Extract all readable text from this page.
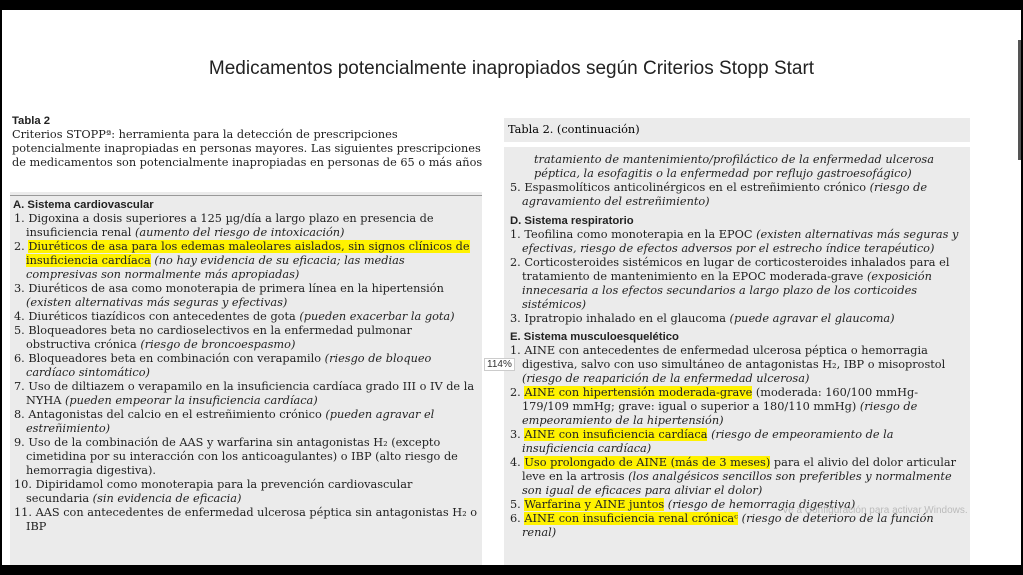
Medicamentos potencialmente inapropiados según Criterios Stopp Start
Tabla 2
Criterios STOPPª: herramienta para la detección de prescripciones potencialmente inapropiadas en personas mayores. Las siguientes prescripciones de medicamentos son potencialmente inapropiadas en personas de 65 o más años
A. Sistema cardiovascular

1. Digoxina a dosis superiores a 125 µg/día a largo plazo en presencia de insuficiencia renal (aumento del riesgo de intoxicación)

2. Diuréticos de asa para los edemas maleolares aislados, sin signos clínicos de insuficiencia cardíaca (no hay evidencia de su eficacia; las medias compresivas son normalmente más apropiadas)

3. Diuréticos de asa como monoterapia de primera línea en la hipertensión (existen alternativas más seguras y efectivas)

4. Diuréticos tiazídicos con antecedentes de gota (pueden exacerbar la gota)

5. Bloqueadores beta no cardioselectivos en la enfermedad pulmonar obstructiva crónica (riesgo de broncoespasmo)

6. Bloqueadores beta en combinación con verapamilo (riesgo de bloqueo cardíaco sintomático)

7. Uso de diltiazem o verapamilo en la insuficiencia cardíaca grado III o IV de la NYHA (pueden empeorar la insuficiencia cardíaca)

8. Antagonistas del calcio en el estreñimiento crónico (pueden agravar el estreñimiento)

9. Uso de la combinación de AAS y warfarina sin antagonistas H₂ (excepto cimetidina por su interacción con los anticoagulantes) o IBP (alto riesgo de hemorragia digestiva).

10. Dipiridamol como monoterapia para la prevención cardiovascular secundaria (sin evidencia de eficacia)

11. AAS con antecedentes de enfermedad ulcerosa péptica sin antagonistas H₂ o IBP

Tabla 2. (continuación)

tratamiento de mantenimiento/profiláctico de la enfermedad ulcerosa péptica, la esofagitis o la enfermedad por reflujo gastroesofágico)

5. Espasmolíticos anticolinérgicos en el estreñimiento crónico (riesgo de agravamiento del estreñimiento)

D. Sistema respiratorio

1. Teofilina como monoterapia en la EPOC (existen alternativas más seguras y efectivas, riesgo de efectos adversos por el estrecho índice terapéutico)

2. Corticosteroides sistémicos en lugar de corticosteroides inhalados para el tratamiento de mantenimiento en la EPOC moderada-grave (exposición innecesaria a los efectos secundarios a largo plazo de los corticoides sistémicos)

3. Ipratropio inhalado en el glaucoma (puede agravar el glaucoma)

E. Sistema musculoesquelético

1. AINE con antecedentes de enfermedad ulcerosa péptica o hemorragia digestiva, salvo con uso simultáneo de antagonistas H₂, IBP o misoprostol (riesgo de reaparición de la enfermedad ulcerosa)

2. AINE con hipertensión moderada-grave (moderada: 160/100 mmHg-179/109 mmHg; grave: igual o superior a 180/110 mmHg) (riesgo de empeoramiento de la hipertensión)

3. AINE con insuficiencia cardíaca (riesgo de empeoramiento de la insuficiencia cardíaca)

4. Uso prolongado de AINE (más de 3 meses) para el alivio del dolor articular leve en la artrosis (los analgésicos sencillos son preferibles y normalmente son igual de eficaces para aliviar el dolor)

5. Warfarina y AINE juntos (riesgo de hemorragia digestiva)

6. AINE con insuficiencia renal crónicaᶜ (riesgo de deterioro de la función renal)

114%
Ve a Configuración para activar Windows.
